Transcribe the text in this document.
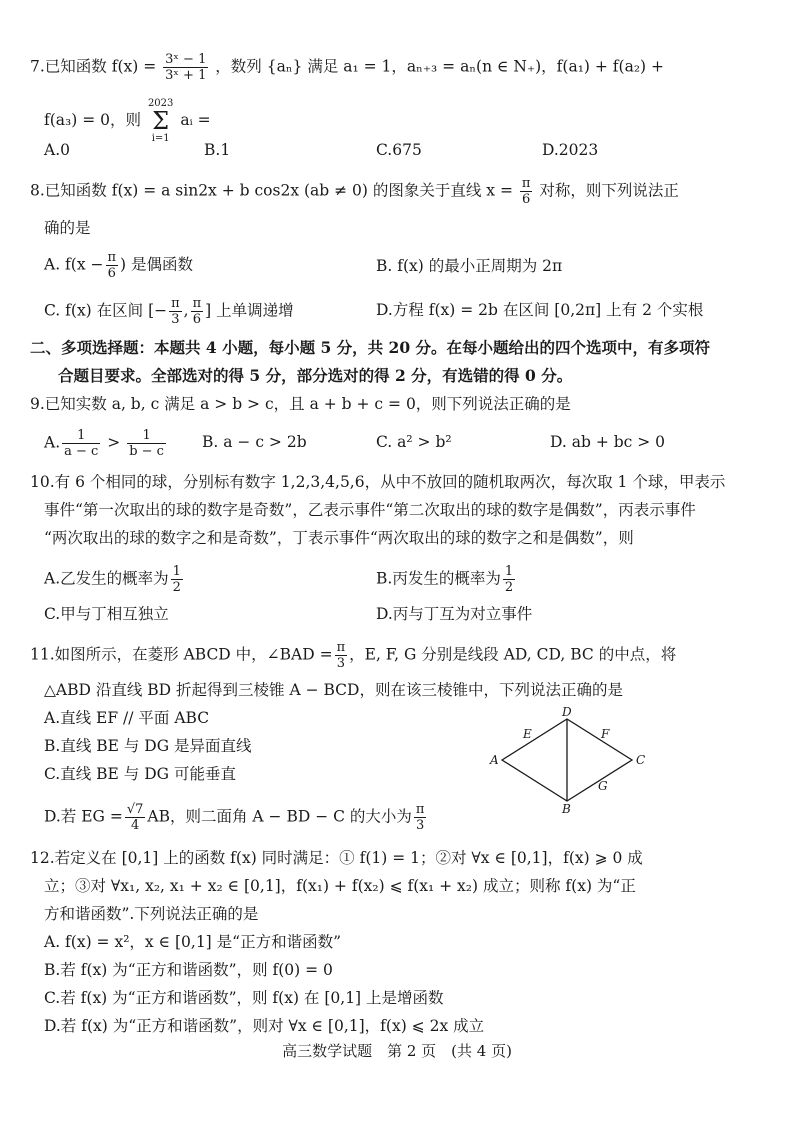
7.已知函数 $f(x) = \frac{\text{3ˣ − 1}}{\text{3ˣ + 1}}$ ，数列 {aₙ} 满足 a₁ = 1，aₙ₊₃ = aₙ(n ∈ N₊)，f(a₁) + f(a₂) +
f(a₃) = 0，则
2023
Σ
i=1
aᵢ =
A.0	B.1	C.675	D.2023
8.已知函数 f(x) = a sin2x + b cos2x (ab ≠ 0) 的图象关于直线 $x = \frac{\pi}{6}$ 对称，则下列说法正
确的是
A. $f(x - \frac{\pi}{6}$ ) 是偶函数	B. f(x) 的最小正周期为 2π
C. f(x) 在区间 [− $\frac{\pi}{3}$ , $\frac{\pi}{6}$ ] 上单调递增	D.方程 f(x) = 2b 在区间 [0,2π] 上有 2 个实根
二、多项选择题：本题共 4 小题，每小题 5 分，共 20 分。在每小题给出的四个选项中，有多项符
合题目要求。全部选对的得 5 分，部分选对的得 2 分，有选错的得 0 分。
9.已知实数 a, b, c 满足 a > b > c，且 a + b + c = 0，则下列说法正确的是
A. $\frac{1}{a - c} > \frac{1}{b - c} B$. a − c > 2b	C. a² > b²	D. ab + bc > 0
10.有 6 个相同的球，分别标有数字 1,2,3,4,5,6，从中不放回的随机取两次，每次取 1 个球，甲表示
事件“第一次取出的球的数字是奇数”，乙表示事件“第二次取出的球的数字是偶数”，丙表示事件
“两次取出的球的数字之和是奇数”，丁表示事件“两次取出的球的数字之和是偶数”，则
A.乙发生的概率为 $\frac{1}{2}$	B.丙发生的概率为 $\frac{1}{2}$
C.甲与丁相互独立	D.丙与丁互为对立事件
11.如图所示，在菱形 ABCD 中，∠BAD = $\frac{\pi}{3}$ ，E, F, G 分别是线段 AD, CD, BC 的中点，将
△ABD 沿直线 BD 折起得到三棱锥 A − BCD，则在该三棱锥中，下列说法正确的是
A.直线 EF // 平面 ABC
B.直线 BE 与 DG 是异面直线
C.直线 BE 与 DG 可能垂直
D.若 EG = $\frac{√7}{4}$ AB，则二面角 A − BD − C 的大小为 $\frac{\pi}{3}$
A
D
C
B
E	F
G
12.若定义在 [0,1] 上的函数 f(x) 同时满足：① f(1) = 1；②对 ∀x ∈ [0,1]，f(x) ⩾ 0 成
立；③对 ∀x₁, x₂, x₁ + x₂ ∈ [0,1]，f(x₁) + f(x₂) ⩽ f(x₁ + x₂) 成立；则称 f(x) 为“正
方和谐函数”.下列说法正确的是
A. f(x) = x²，x ∈ [0,1] 是“正方和谐函数”
B.若 f(x) 为“正方和谐函数”，则 f(0) = 0
C.若 f(x) 为“正方和谐函数”，则 f(x) 在 [0,1] 上是增函数
D.若 f(x) 为“正方和谐函数”，则对 ∀x ∈ [0,1]，f(x) ⩽ 2x 成立
高三数学试题　第 2 页　(共 4 页)
